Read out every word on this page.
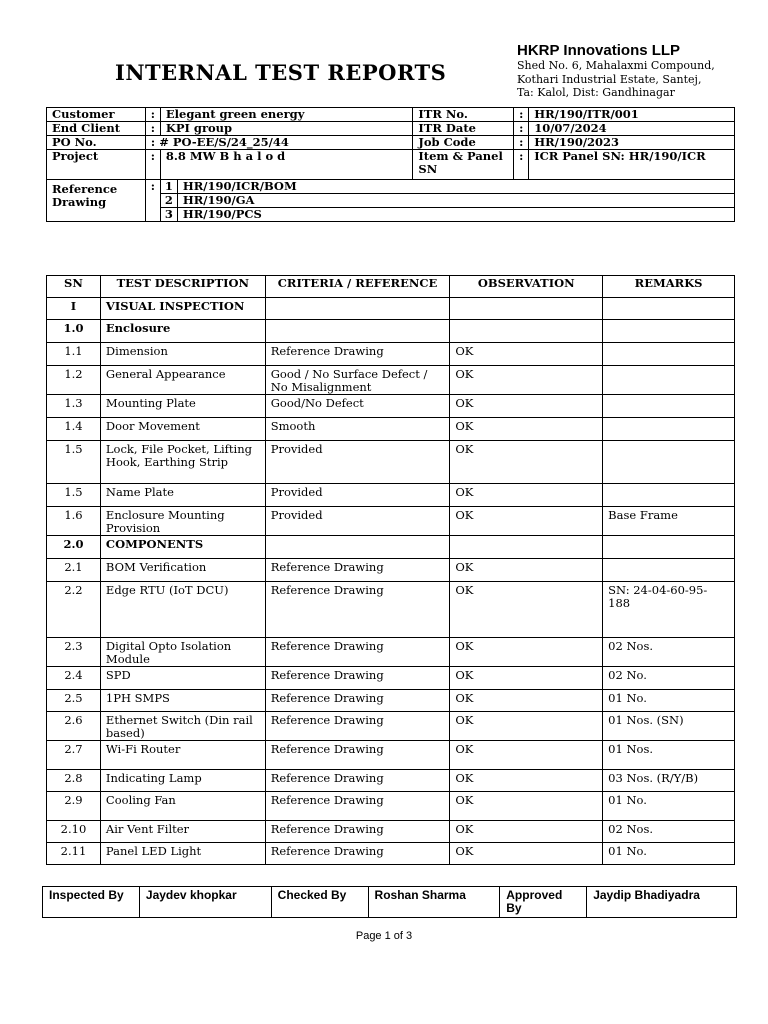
INTERNAL TEST REPORTS
HKRP Innovations LLP
Shed No. 6, Mahalaxmi Compound,
Kothari Industrial Estate, Santej,
Ta: Kalol, Dist: Gandhinagar
Customer	:	Elegant green energy		ITR No.	:	HR/190/ITR/001
End Client	:	KPI group		ITR Date	:	10/07/2024
PO No.	: # PO-EE/S/24_25/44			Job Code	:	HR/190/2023
Project	:	8.8 MW B h a l o d		Item & Panel SN	:	ICR Panel SN: HR/190/ICR
Reference Drawing	:	1	HR/190/ICR/BOM			
		2	HR/190/GA			
		3	HR/190/PCS			
SN	TEST DESCRIPTION	CRITERIA / REFERENCE	OBSERVATION	REMARKS
I	VISUAL INSPECTION			
1.0	Enclosure			
1.1	Dimension	Reference Drawing	OK	
1.2	General Appearance	Good / No Surface Defect / No Misalignment	OK	
1.3	Mounting Plate	Good/No Defect	OK	
1.4	Door Movement	Smooth	OK	
1.5	Lock, File Pocket, Lifting Hook, Earthing Strip	Provided	OK	
1.5	Name Plate	Provided	OK	
1.6	Enclosure Mounting Provision	Provided	OK	Base Frame
2.0	COMPONENTS			
2.1	BOM Verification	Reference Drawing	OK	
2.2	Edge RTU (IoT DCU)	Reference Drawing	OK	SN: 24-04-60-95-188
2.3	Digital Opto Isolation Module	Reference Drawing	OK	02 Nos.
2.4	SPD	Reference Drawing	OK	02 No.
2.5	1PH SMPS	Reference Drawing	OK	01 No.
2.6	Ethernet Switch (Din rail based)	Reference Drawing	OK	01 Nos. (SN)
2.7	Wi-Fi Router	Reference Drawing	OK	01 Nos.
2.8	Indicating Lamp	Reference Drawing	OK	03 Nos. (R/Y/B)
2.9	Cooling Fan	Reference Drawing	OK	01 No.
2.10	Air Vent Filter	Reference Drawing	OK	02 Nos.
2.11	Panel LED Light	Reference Drawing	OK	01 No.
Inspected By	Jaydev khopkar	Checked By	Roshan Sharma	Approved By	Jaydip Bhadiyadra
Page 1 of 3
